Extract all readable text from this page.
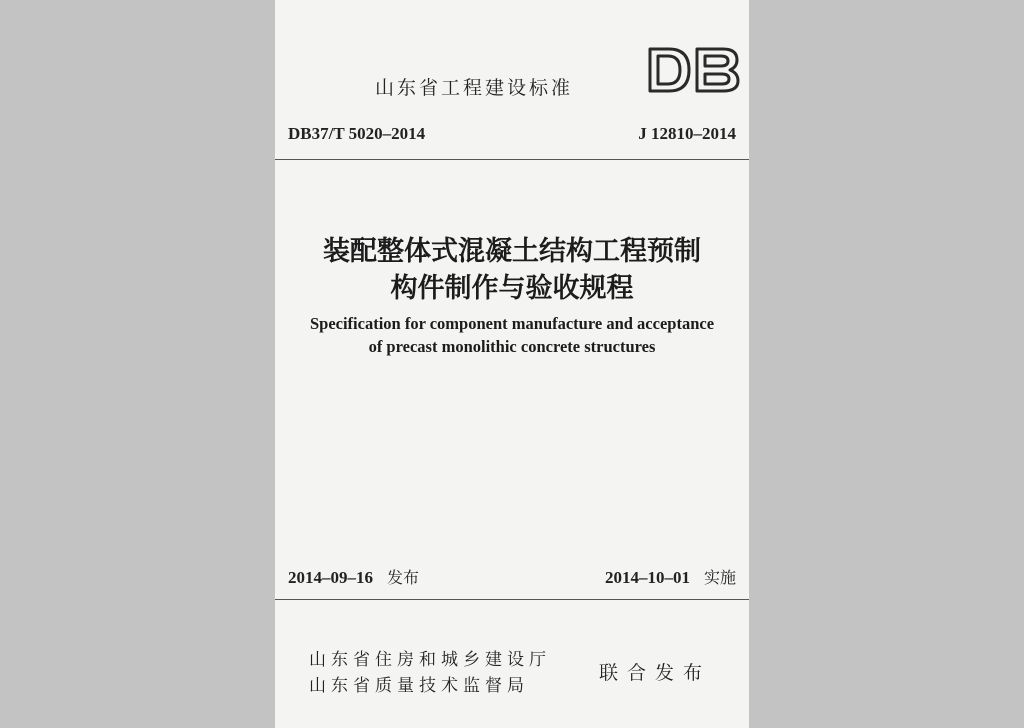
山东省工程建设标准
DB37/T 5020–2014	J 12810–2014
装配整体式混凝土结构工程预制
构件制作与验收规程
Specification for component manufacture and acceptance
of precast monolithic concrete structures
2014–09–16 发布	2014–10–01 实施
山东省住房和城乡建设厅
山东省质量技术监督局
联合发布
